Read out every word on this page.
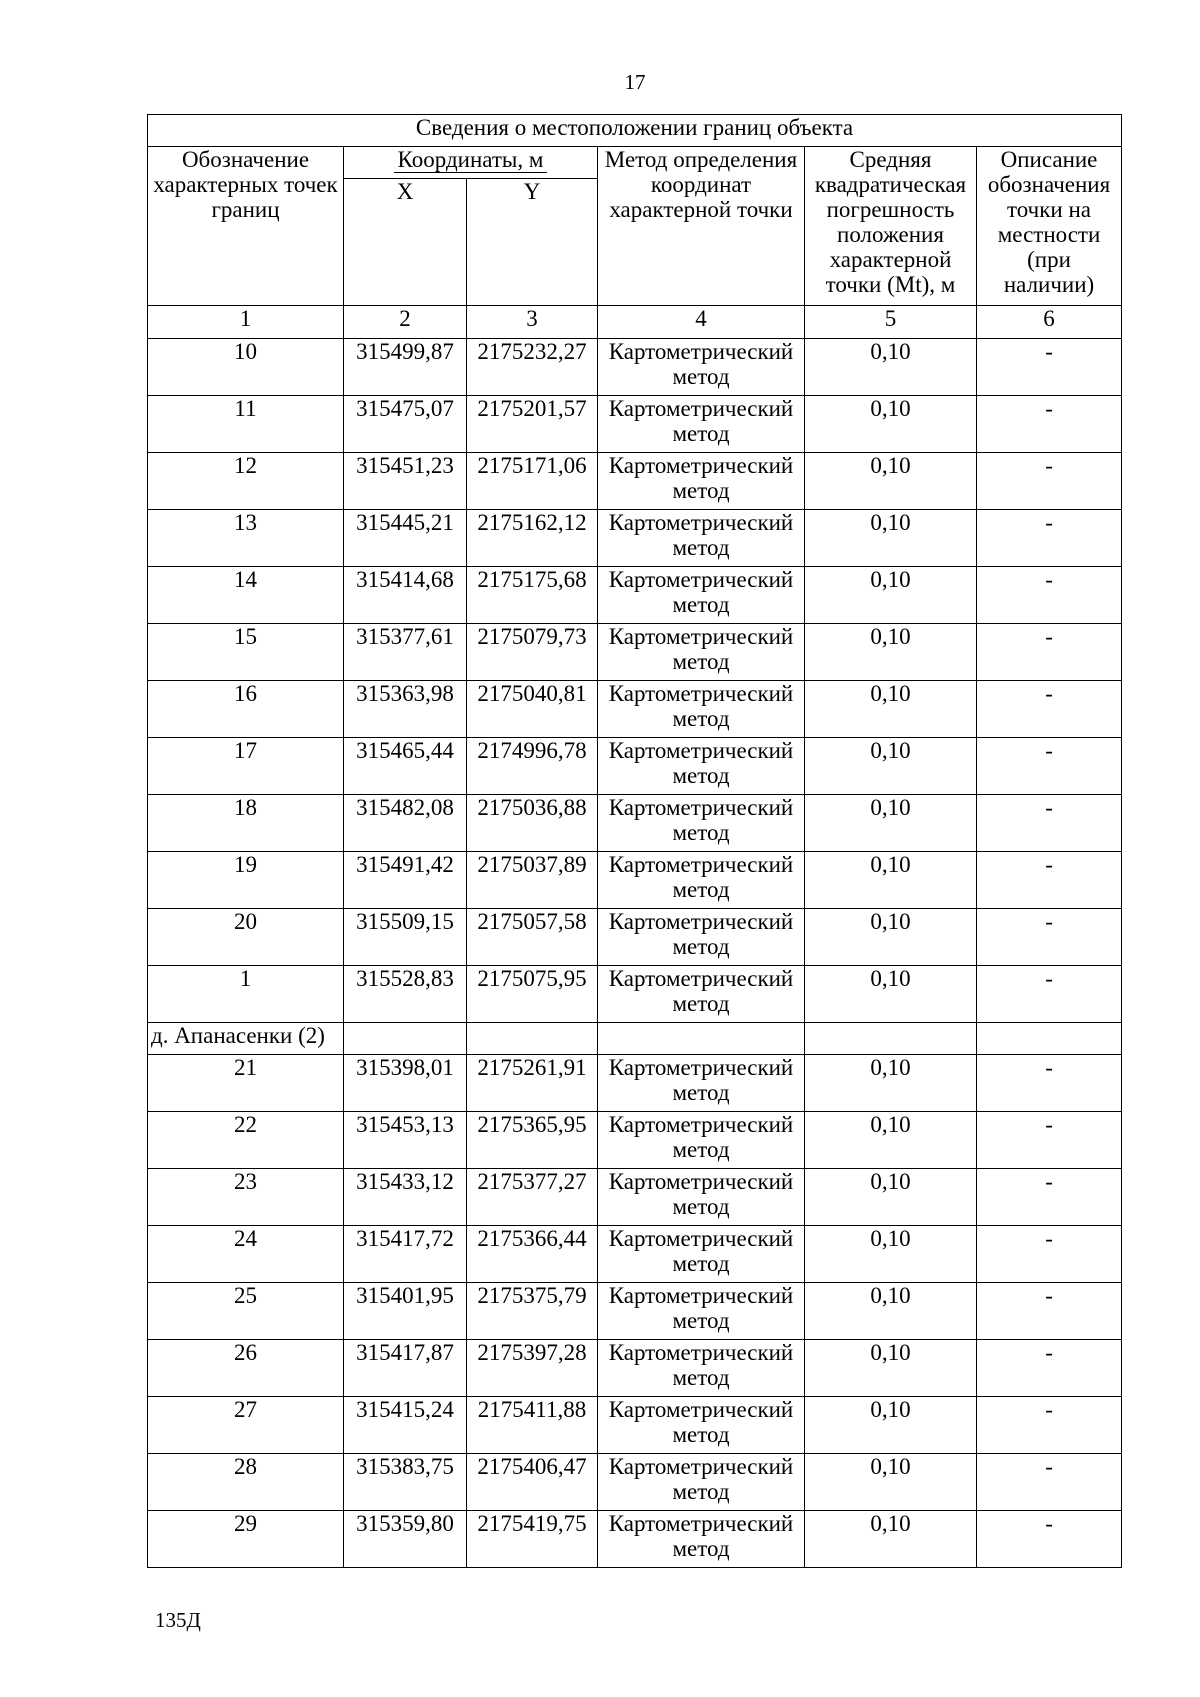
17
Сведения о местоположении границ объекта					
Обозначение характерных точек границ	Координаты, м		Метод определения координат характерной точки	Средняя квадратическая погрешность положения характерной точки (Mt), м	Описание обозначения точки на местности (при наличии)
	X	Y			
1	2	3	4	5	6
10	315499,87	2175232,27	Картометрический метод	0,10	-
11	315475,07	2175201,57	Картометрический метод	0,10	-
12	315451,23	2175171,06	Картометрический метод	0,10	-
13	315445,21	2175162,12	Картометрический метод	0,10	-
14	315414,68	2175175,68	Картометрический метод	0,10	-
15	315377,61	2175079,73	Картометрический метод	0,10	-
16	315363,98	2175040,81	Картометрический метод	0,10	-
17	315465,44	2174996,78	Картометрический метод	0,10	-
18	315482,08	2175036,88	Картометрический метод	0,10	-
19	315491,42	2175037,89	Картометрический метод	0,10	-
20	315509,15	2175057,58	Картометрический метод	0,10	-
1	315528,83	2175075,95	Картометрический метод	0,10	-
д. Апанасенки (2)					
21	315398,01	2175261,91	Картометрический метод	0,10	-
22	315453,13	2175365,95	Картометрический метод	0,10	-
23	315433,12	2175377,27	Картометрический метод	0,10	-
24	315417,72	2175366,44	Картометрический метод	0,10	-
25	315401,95	2175375,79	Картометрический метод	0,10	-
26	315417,87	2175397,28	Картометрический метод	0,10	-
27	315415,24	2175411,88	Картометрический метод	0,10	-
28	315383,75	2175406,47	Картометрический метод	0,10	-
29	315359,80	2175419,75	Картометрический метод	0,10	-
135Д
